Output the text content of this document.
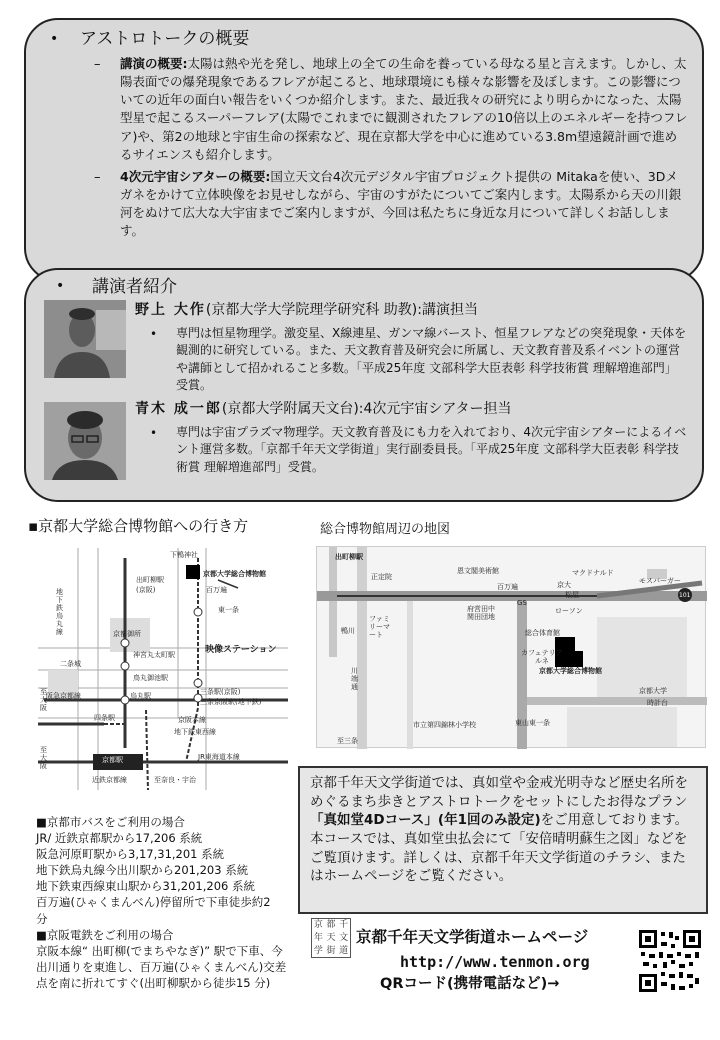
• アストロトークの概要
– 講演の概要:太陽は熱や光を発し、地球上の全ての生命を養っている母なる星と言えます。しかし、太陽表面での爆発現象であるフレアが起こると、地球環境にも様々な影響を及ぼします。この影響についての近年の面白い報告をいくつか紹介します。また、最近我々の研究により明らかになった、太陽型星で起こるスーパーフレア(太陽でこれまでに観測されたフレアの10倍以上のエネルギーを持つフレア)や、第2の地球と宇宙生命の探索など、現在京都大学を中心に進めている3.8m望遠鏡計画で進めるサイエンスも紹介します。
– 4次元宇宙シアターの概要:国立天文台4次元デジタル宇宙プロジェクト提供の Mitakaを使い、3Dメガネをかけて立体映像をお見せしながら、宇宙のすがたについてご案内します。太陽系から天の川銀河をぬけて広大な大宇宙までご案内しますが、今回は私たちに身近な月について詳しくお話しします。
• 講演者紹介
野上 大作(京都大学大学院理学研究科 助教):講演担当
• 専門は恒星物理学。激変星、X線連星、ガンマ線バースト、恒星フレアなどの突発現象・天体を観測的に研究している。また、天文教育普及研究会に所属し、天文教育普及系イベントの運営や講師として招かれること多数。「平成25年度 文部科学大臣表彰 科学技術賞 理解増進部門」受賞。
青木 成一郎(京都大学附属天文台):4次元宇宙シアター担当
• 専門は宇宙プラズマ物理学。天文教育普及にも力を入れており、4次元宇宙シアターによるイベント運営多数。「京都千年天文学街道」実行副委員長。「平成25年度 文部科学大臣表彰 科学技術賞 理解増進部門」受賞。
▪京都大学総合博物館への行き方	総合博物館周辺の地図
下鴨神社
出町柳駅
(京阪)
京都大学総合博物館
百万遍
東一条
地下鉄烏丸線	京都御所
神宮丸太町駅
鳥丸御池駅
映像ステーション
二条城
阪急京都線
至大阪
四条駅
烏丸駅	三条駅(京阪)
三条京阪駅(地下鉄)
京阪本線
地下鉄東西線
JR東海道本線
京都駅
近鉄京都線	至奈良・宇治
至大阪
出町柳駅
正定院
百万遍
GS
恩文閣美術館	マクドナルド
モスバーガー
松屋
ローソン
京大
府営田中
関田団地
鴨川
ファミリーマート	総合体育館
カフェテリア
ルネ
京都大学総合博物館
京都大学
時計台
市立第四錦林小学校	東山東一条
川端通
至三条
101
京都千年天文学街道では、真如堂や金戒光明寺など歴史名所をめぐるまち歩きとアストロトークをセットにしたお得なプラン「真如堂4Dコース」(年1回のみ設定)をご用意しております。本コースでは、真如堂虫払会にて「安倍晴明蘇生之図」などをご覧頂けます。詳しくは、京都千年天文学街道のチラシ、またはホームページをご覧ください。
■京都市バスをご利用の場合
JR/ 近鉄京都駅から17,206 系統
阪急河原町駅から3,17,31,201 系統
地下鉄烏丸線今出川駅から201,203 系統
地下鉄東西線東山駅から31,201,206 系統
百万遍(ひゃくまんべん)停留所で下車徒歩約2
分
■京阪電鉄をご利用の場合
京阪本線“ 出町柳(でまちやなぎ)” 駅で下車、今
出川通りを東進し、百万遍(ひゃくまんべん)交差
点を南に折れてすぐ(出町柳駅から徒歩15 分)
京 都 千
年 天 文
学 街 道
京都千年天文学街道ホームページ
http://www.tenmon.org
QRコード(携帯電話など)→
